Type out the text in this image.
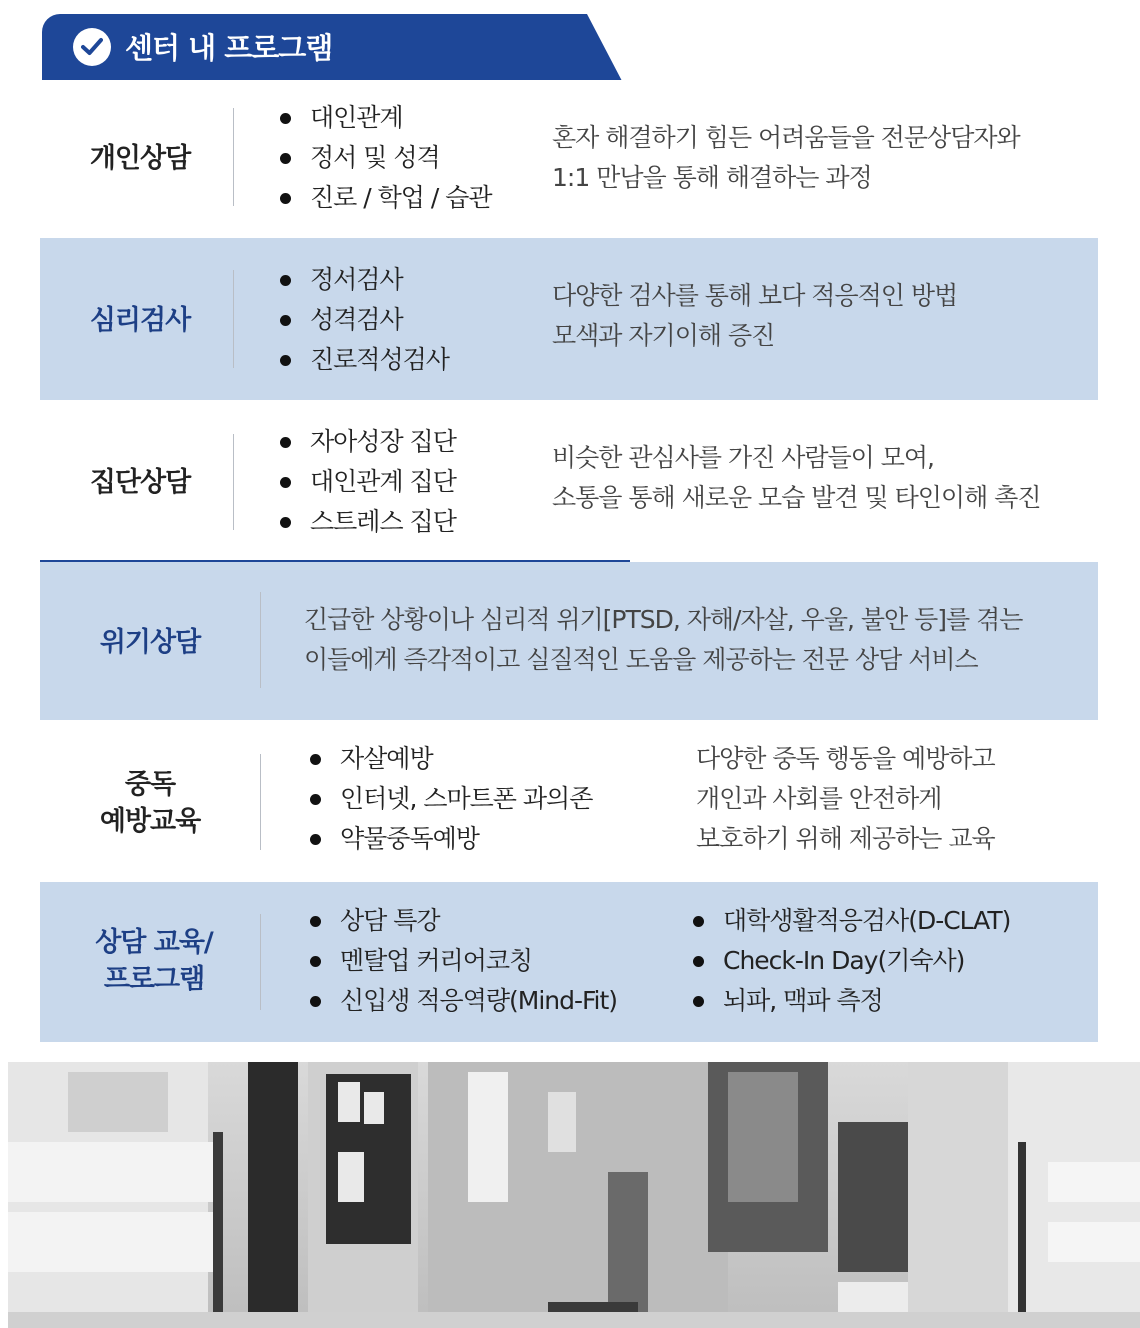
센터 내 프로그램
개인상담
대인관계
정서 및 성격
진로 / 학업 / 습관
혼자 해결하기 힘든 어려움들을 전문상담자와
1:1 만남을 통해 해결하는 과정
심리검사
정서검사
성격검사
진로적성검사
다양한 검사를 통해 보다 적응적인 방법
모색과 자기이해 증진
집단상담
자아성장 집단
대인관계 집단
스트레스 집단
비슷한 관심사를 가진 사람들이 모여,
소통을 통해 새로운 모습 발견 및 타인이해 촉진
위기상담
긴급한 상황이나 심리적 위기[PTSD, 자해/자살, 우울, 불안 등]를 겪는
이들에게 즉각적이고 실질적인 도움을 제공하는 전문 상담 서비스
중독
예방교육
자살예방
인터넷, 스마트폰 과의존
약물중독예방
다양한 중독 행동을 예방하고
개인과 사회를 안전하게
보호하기 위해 제공하는 교육
상담 교육/
프로그램
상담 특강
멘탈업 커리어코칭
신입생 적응역량(Mind-Fit)
대학생활적응검사(D-CLAT)
Check-In Day(기숙사)
뇌파, 맥파 측정
